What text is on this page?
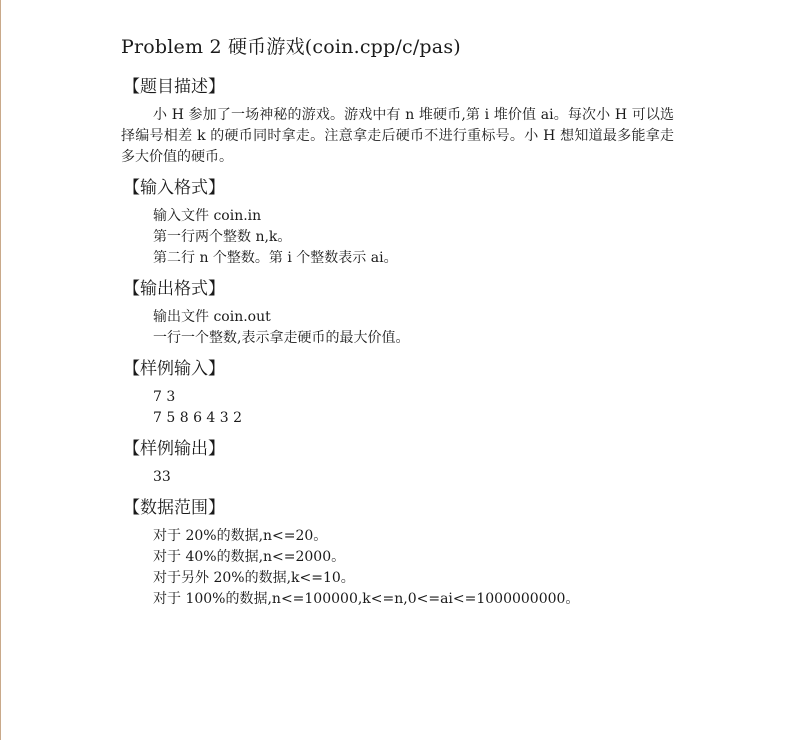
Problem 2 硬币游戏(coin.cpp/c/pas)
【题目描述】

小 H 参加了一场神秘的游戏。游戏中有 n 堆硬币,第 i 堆价值 ai。每次小 H 可以选择编号相差 k 的硬币同时拿走。注意拿走后硬币不进行重标号。小 H 想知道最多能拿走多大价值的硬币。

【输入格式】
输入文件 coin.in
第一行两个整数 n,k。
第二行 n 个整数。第 i 个整数表示 ai。
【输出格式】
输出文件 coin.out
一行一个整数,表示拿走硬币的最大价值。
【样例输入】
7 3
7 5 8 6 4 3 2
【样例输出】
33
【数据范围】
对于 20%的数据,n<=20。
对于 40%的数据,n<=2000。
对于另外 20%的数据,k<=10。
对于 100%的数据,n<=100000,k<=n,0<=ai<=1000000000。
